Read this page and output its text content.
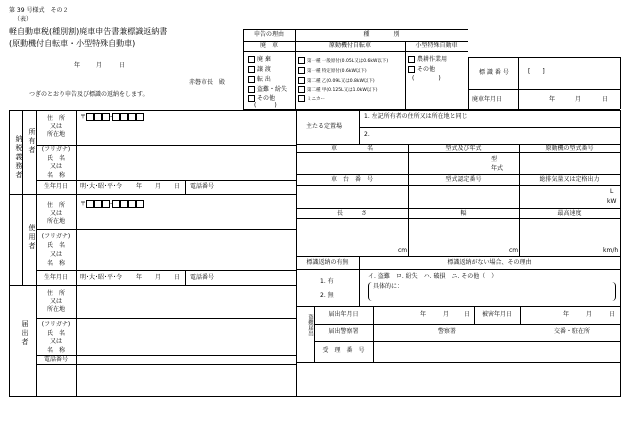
第 39 号様式　その２
（表）
軽自動車税(種別割)廃車申告書兼標識返納書
(原動機付自転車・小型特殊自動車)
年	月	日
赤磐市長　殿
つぎのとおり申告及び標識の返納をします。
申告の理由	種　　　　別
廃　車	原動機付自転車	小型特殊自動車
廃 棄
譲 渡
転 出
盗難・紛失
その他
(　　　)
第一種 一般原付(0.05L又は0.6kW以下)
第一種 特定原付(0.6kW以下)
第二種 乙(0.09L又は0.8kW以下)
第二種 甲(0.125L又は1.0kW以下)
ミニカー
農耕作業用
その他
(　　　　)
標 識 番 号	[　　]
廃車年月日	年	月	日
納税義務者 所有者
使用者
届出者
住　所
又は
所在地
〒	-
(フリガナ)
氏　名
又は
名　称
生年月日	明･大･昭･平･令 年 月 日 電話番号
住　所
又は
所在地
〒	-
(フリガナ)
氏　名
又は
名　称
生年月日	明･大･昭･平･令 年 月 日 電話番号
住　所
又は
所在地
(フリガナ)
氏　名
又は
名　称
電話番号
主たる定置場
1. 左記所有者の住所又は所在地と同じ
2.
車　　　　　名	型式及び年式	原動機の型式番号
型
年式
車　台　番　号	型式認定番号	総排気量又は定格出力
L
kW
長　　　さ	幅	最高速度
cm	cm	km/h
標識返納の有無	標識返納がない場合、その理由
1. 有
2. 無
イ. 盗難　ロ. 紛失　ハ. 破損　ニ. その他（　）
具体的に：
盗難届出	届出年月日	年	月 日	被害年月日	年	月	日
届出警察署	警察署	交番・駐在所
受　理　番　号
